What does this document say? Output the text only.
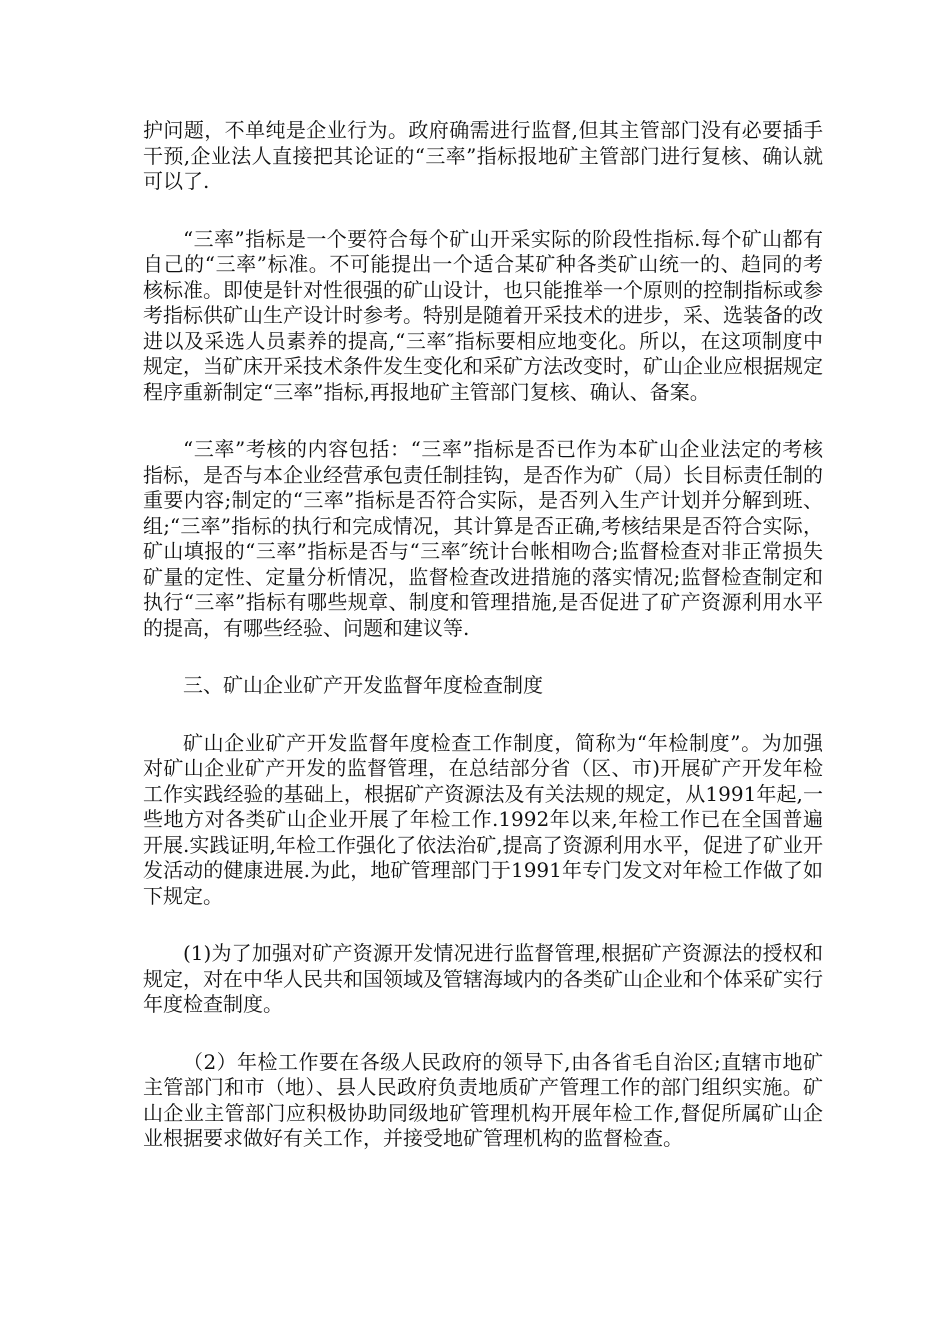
护问题，不单纯是企业行为。政府确需进行监督,但其主管部门没有必要插手干预,企业法人直接把其论证的“三率”指标报地矿主管部门进行复核、确认就可以了.

“三率”指标是一个要符合每个矿山开采实际的阶段性指标.每个矿山都有自己的“三率”标准。不可能提出一个适合某矿种各类矿山统一的、趋同的考核标准。即使是针对性很强的矿山设计，也只能推举一个原则的控制指标或参考指标供矿山生产设计时参考。特别是随着开采技术的进步，采、选装备的改进以及采选人员素养的提高,“三率″指标要相应地变化。所以，在这项制度中规定，当矿床开采技术条件发生变化和采矿方法改变时，矿山企业应根据规定程序重新制定“三率”指标,再报地矿主管部门复核、确认、备案。

“三率”考核的内容包括：“三率”指标是否已作为本矿山企业法定的考核指标，是否与本企业经营承包责任制挂钩，是否作为矿（局）长目标责任制的重要内容;制定的“三率”指标是否符合实际，是否列入生产计划并分解到班、组;“三率”指标的执行和完成情况，其计算是否正确,考核结果是否符合实际，矿山填报的“三率”指标是否与“三率″统计台帐相吻合;监督检查对非正常损失矿量的定性、定量分析情况，监督检查改进措施的落实情况;监督检查制定和执行“三率”指标有哪些规章、制度和管理措施,是否促进了矿产资源利用水平的提高，有哪些经验、问题和建议等.

三、矿山企业矿产开发监督年度检查制度

矿山企业矿产开发监督年度检查工作制度，简称为“年检制度”。为加强对矿山企业矿产开发的监督管理，在总结部分省（区、市)开展矿产开发年检工作实践经验的基础上，根据矿产资源法及有关法规的规定，从1991年起,一些地方对各类矿山企业开展了年检工作.1992年以来,年检工作已在全国普遍开展.实践证明,年检工作强化了依法治矿,提高了资源利用水平，促进了矿业开发活动的健康进展.为此，地矿管理部门于1991年专门发文对年检工作做了如下规定。

(1)为了加强对矿产资源开发情况进行监督管理,根据矿产资源法的授权和规定，对在中华人民共和国领域及管辖海域内的各类矿山企业和个体采矿实行年度检查制度。

（2）年检工作要在各级人民政府的领导下,由各省毛自治区;直辖市地矿主管部门和市（地）、县人民政府负责地质矿产管理工作的部门组织实施。矿山企业主管部门应积极协助同级地矿管理机构开展年检工作,督促所属矿山企业根据要求做好有关工作，并接受地矿管理机构的监督检查。
